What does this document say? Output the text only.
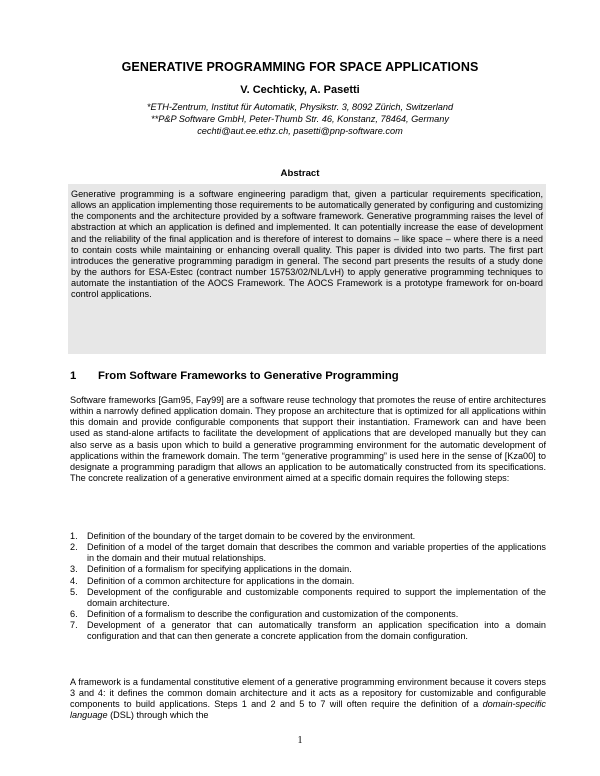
GENERATIVE PROGRAMMING FOR SPACE APPLICATIONS
V. Cechticky, A. Pasetti
*ETH-Zentrum, Institut für Automatik, Physikstr. 3, 8092 Zürich, Switzerland
**P&P Software GmbH, Peter-Thumb Str. 46, Konstanz, 78464, Germany
cechti@aut.ee.ethz.ch, pasetti@pnp-software.com
Abstract
Generative programming is a software engineering paradigm that, given a particular requirements specification, allows an application implementing those requirements to be automatically generated by configuring and customizing the components and the architecture provided by a software framework. Generative programming raises the level of abstraction at which an application is defined and implemented. It can potentially increase the ease of development and the reliability of the final application and is therefore of interest to domains – like space – where there is a need to contain costs while maintaining or enhancing overall quality. This paper is divided into two parts. The first part introduces the generative programming paradigm in general. The second part presents the results of a study done by the authors for ESA-Estec (contract number 15753/02/NL/LvH) to apply generative programming techniques to automate the instantiation of the AOCS Framework. The AOCS Framework is a prototype framework for on-board control applications.
1 From Software Frameworks to Generative Programming
Software frameworks [Gam95, Fay99] are a software reuse technology that promotes the reuse of entire architectures within a narrowly defined application domain. They propose an architecture that is optimized for all applications within this domain and provide configurable components that support their instantiation. Framework can and have been used as stand-alone artifacts to facilitate the development of applications that are developed manually but they can also serve as a basis upon which to build a generative programming environment for the automatic development of applications within the framework domain. The term “generative programming” is used here in the sense of [Kza00] to designate a programming paradigm that allows an application to be automatically constructed from its specifications. The concrete realization of a generative environment aimed at a specific domain requires the following steps:
1. Definition of the boundary of the target domain to be covered by the environment.
2. Definition of a model of the target domain that describes the common and variable properties of the applications in the domain and their mutual relationships.
3. Definition of a formalism for specifying applications in the domain.
4. Definition of a common architecture for applications in the domain.
5. Development of the configurable and customizable components required to support the implementation of the domain architecture.
6. Definition of a formalism to describe the configuration and customization of the components.
7. Development of a generator that can automatically transform an application specification into a domain configuration and that can then generate a concrete application from the domain configuration.
A framework is a fundamental constitutive element of a generative programming environment because it covers steps 3 and 4: it defines the common domain architecture and it acts as a repository for customizable and configurable components to build applications. Steps 1 and 2 and 5 to 7 will often require the definition of a domain-specific language (DSL) through which the
1
